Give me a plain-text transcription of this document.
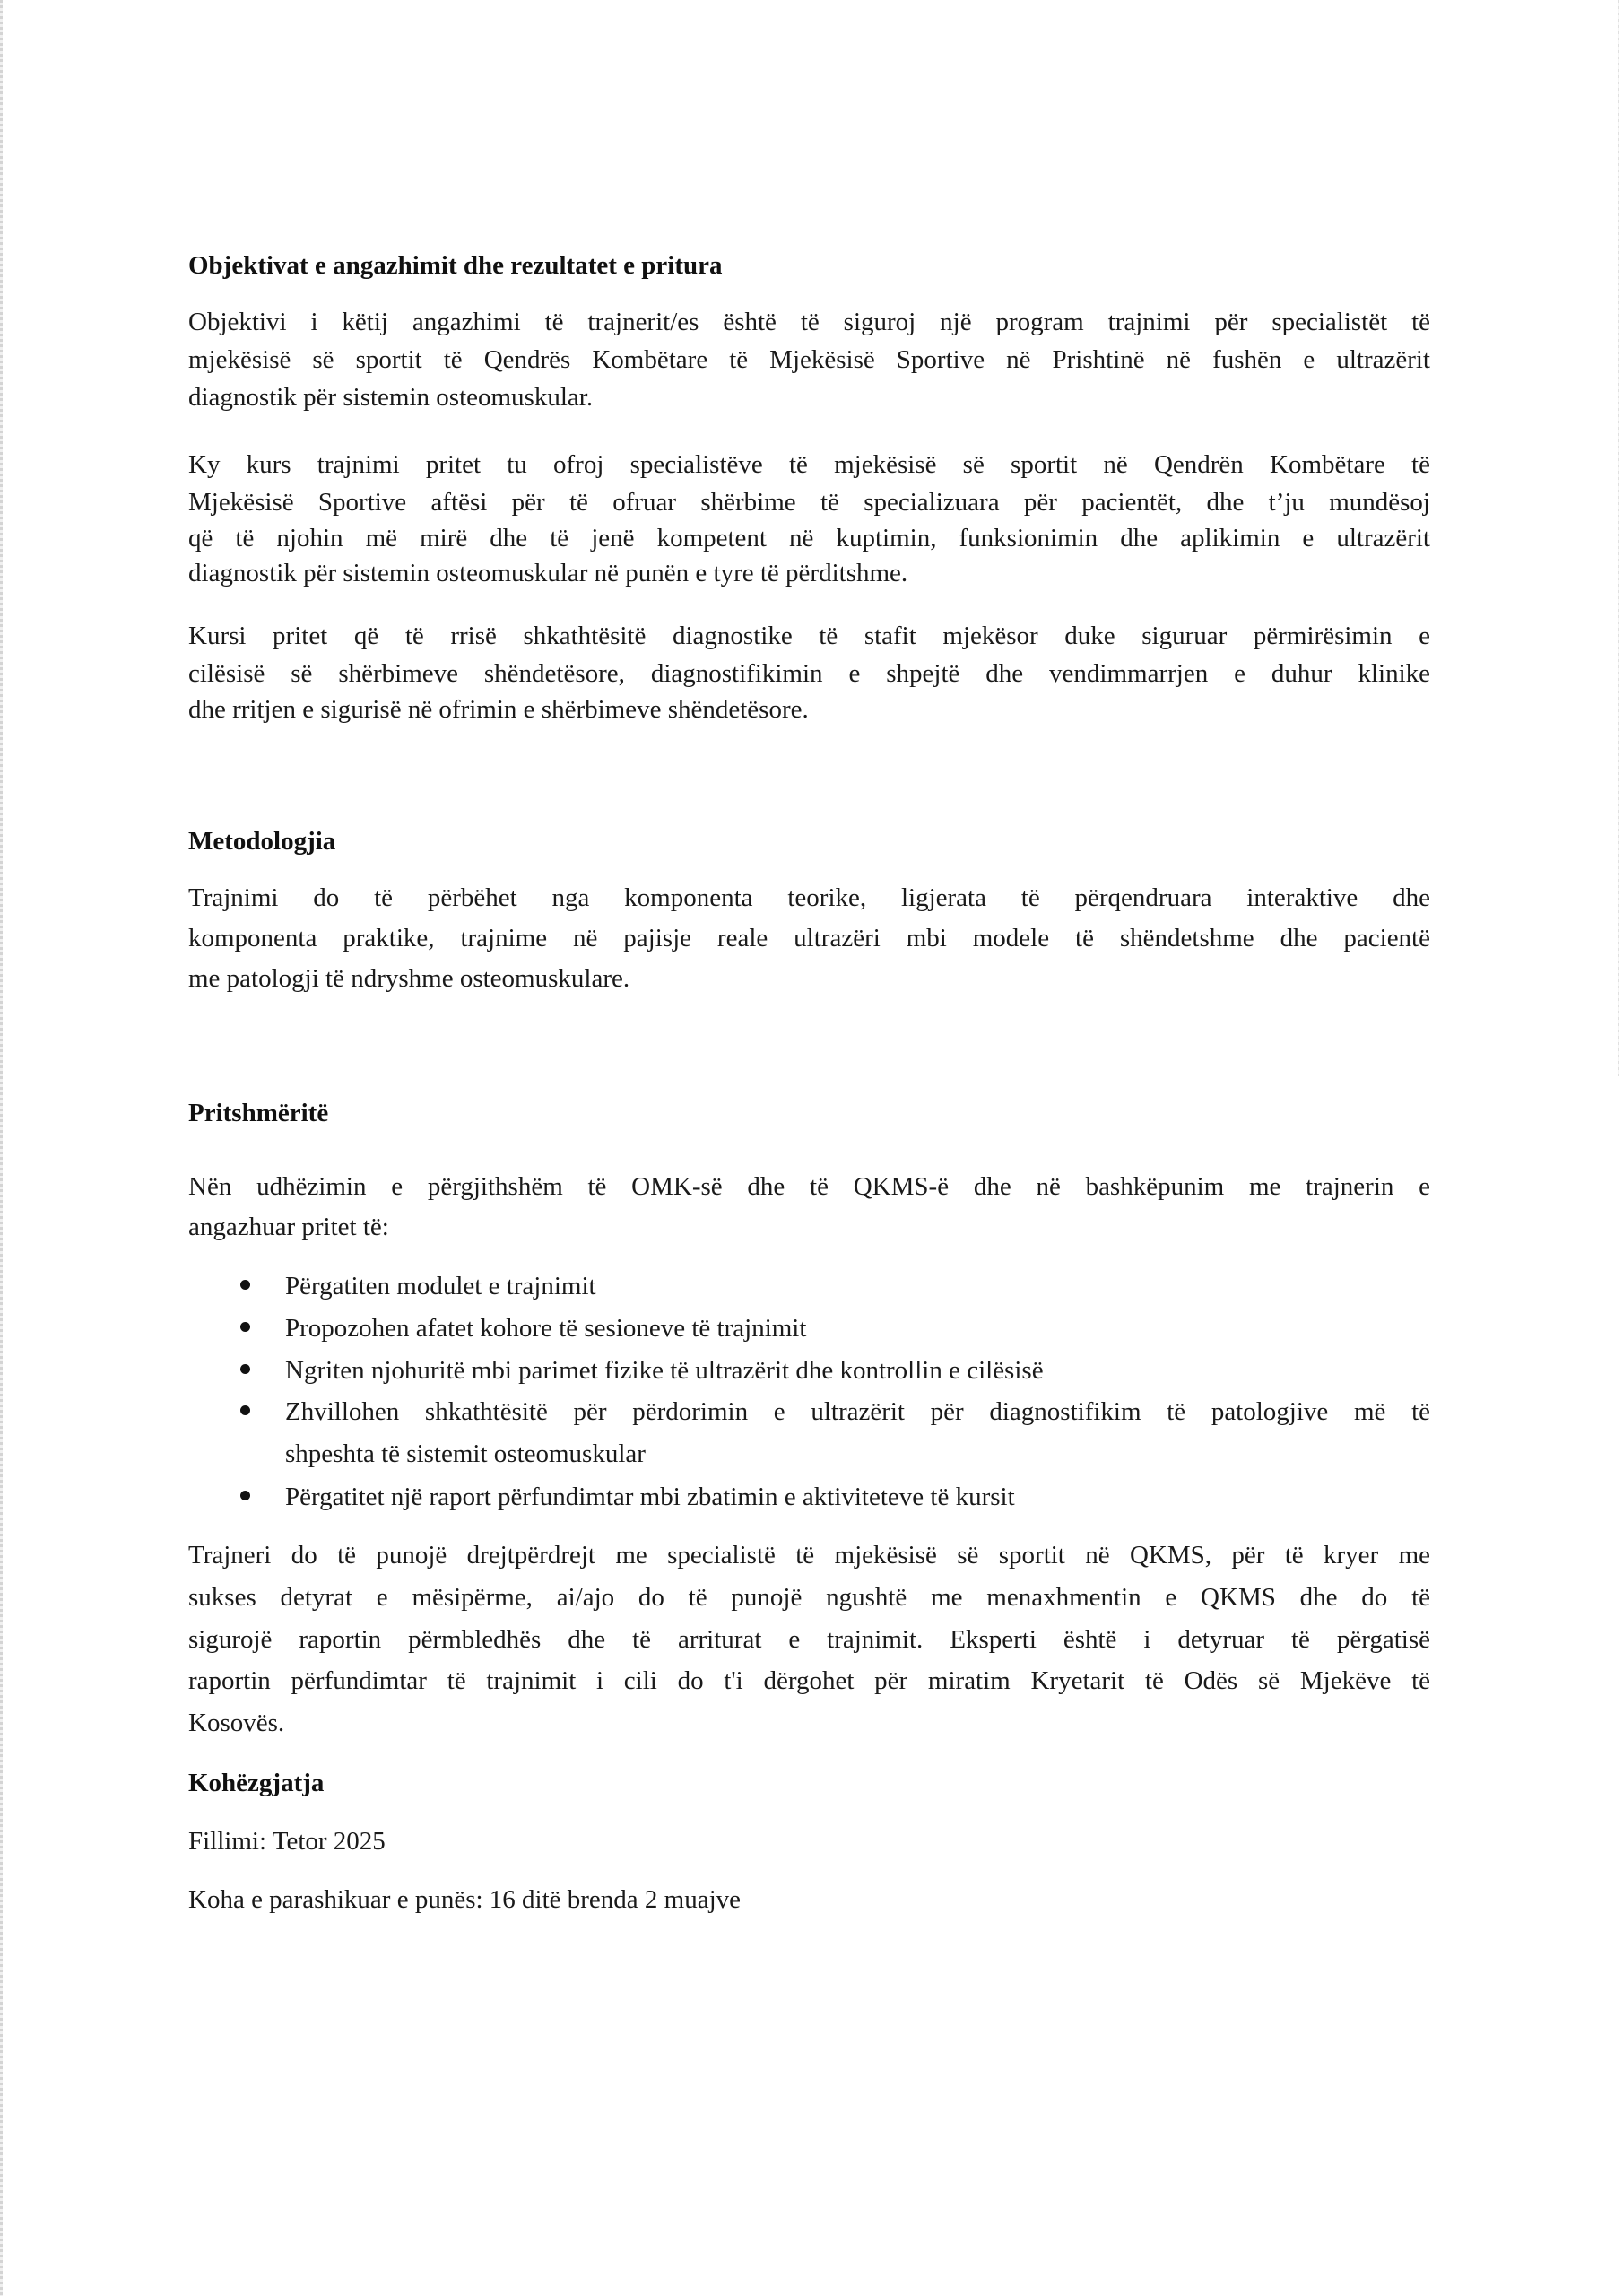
Objektivat e angazhimit dhe rezultatet e pritura
Objektivi i këtij angazhimi të trajnerit/es është të siguroj një program trajnimi për specialistët të
mjekësisë së sportit të Qendrës Kombëtare të Mjekësisë Sportive në Prishtinë në fushën e ultrazërit
diagnostik për sistemin osteomuskular.
Ky kurs trajnimi pritet tu ofroj specialistëve të mjekësisë së sportit në Qendrën Kombëtare të
Mjekësisë Sportive aftësi për të ofruar shërbime të specializuara për pacientët, dhe t’ju mundësoj
që të njohin më mirë dhe të jenë kompetent në kuptimin, funksionimin dhe aplikimin e ultrazërit
diagnostik për sistemin osteomuskular në punën e tyre të përditshme.
Kursi pritet që të rrisë shkathtësitë diagnostike të stafit mjekësor duke siguruar përmirësimin e
cilësisë së shërbimeve shëndetësore, diagnostifikimin e shpejtë dhe vendimmarrjen e duhur klinike
dhe rritjen e sigurisë në ofrimin e shërbimeve shëndetësore.
Metodologjia
Trajnimi do të përbëhet nga komponenta teorike, ligjerata të përqendruara interaktive dhe
komponenta praktike, trajnime në pajisje reale ultrazëri mbi modele të shëndetshme dhe pacientë
me patologji të ndryshme osteomuskulare.
Pritshmëritë
Nën udhëzimin e përgjithshëm të OMK-së dhe të QKMS-ë dhe në bashkëpunim me trajnerin e
angazhuar pritet të:
Përgatiten modulet e trajnimit
Propozohen afatet kohore të sesioneve të trajnimit
Ngriten njohuritë mbi parimet fizike të ultrazërit dhe kontrollin e cilësisë
Zhvillohen shkathtësitë për përdorimin e ultrazërit për diagnostifikim të patologjive më të
shpeshta të sistemit osteomuskular
Përgatitet një raport përfundimtar mbi zbatimin e aktiviteteve të kursit
Trajneri do të punojë drejtpërdrejt me specialistë të mjekësisë së sportit në QKMS, për të kryer me
sukses detyrat e mësipërme, ai/ajo do të punojë ngushtë me menaxhmentin e QKMS dhe do të
sigurojë raportin përmbledhës dhe të arriturat e trajnimit. Eksperti është i detyruar të përgatisë
raportin përfundimtar të trajnimit i cili do t'i dërgohet për miratim Kryetarit të Odës së Mjekëve të
Kosovës.
Kohëzgjatja
Fillimi: Tetor 2025
Koha e parashikuar e punës: 16 ditë brenda 2 muajve
